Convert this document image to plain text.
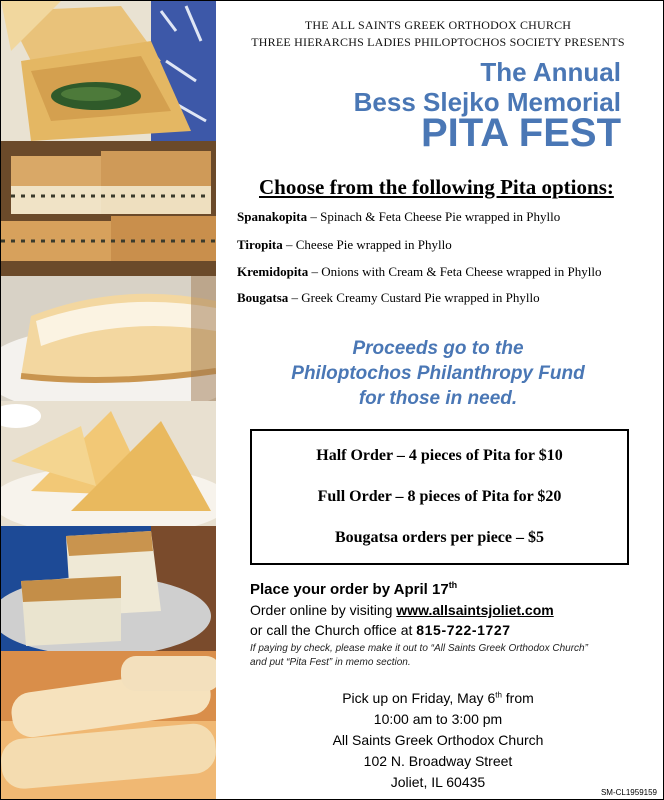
THE ALL SAINTS GREEK ORTHODOX CHURCH
THREE HIERARCHS LADIES PHILOPTOCHOS SOCIETY PRESENTS
The Annual
Bess Slejko Memorial
PITA FEST
Choose from the following Pita options:
Spanakopita – Spinach & Feta Cheese Pie wrapped in Phyllo
Tiropita – Cheese Pie wrapped in Phyllo
Kremidopita – Onions with Cream & Feta Cheese wrapped in Phyllo
Bougatsa – Greek Creamy Custard Pie wrapped in Phyllo
Proceeds go to the
Philoptochos Philanthropy Fund
for those in need.
Half Order – 4 pieces of Pita for $10
Full Order – 8 pieces of Pita for $20
Bougatsa orders per piece – $5
Place your order by April 17th
Order online by visiting www.allsaintsjoliet.com
or call the Church office at 815-722-1727
If paying by check, please make it out to “All Saints Greek Orthodox Church”
and put “Pita Fest” in memo section.
Pick up on Friday, May 6th from
10:00 am to 3:00 pm
All Saints Greek Orthodox Church
102 N. Broadway Street
Joliet, IL 60435
SM-CL1959159
